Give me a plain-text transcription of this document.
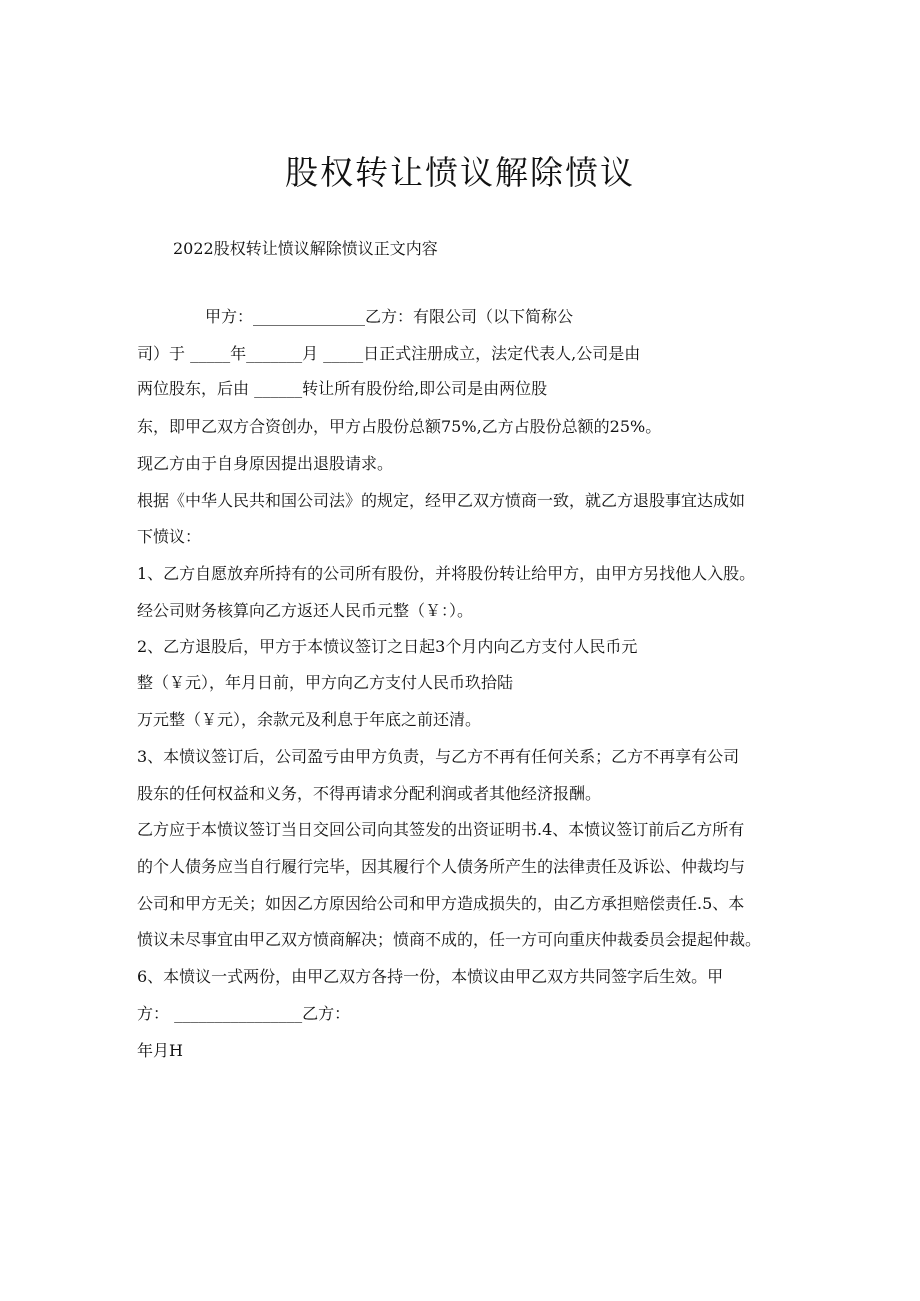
股权转让愤议解除愤议

2022股权转让愤议解除愤议正文内容

甲方：______________乙方：有限公司（以下简称公

司）于 _____年_______月 _____日正式注册成立，法定代表人,公司是由

两位股东，后由 ______转让所有股份给,即公司是由两位股

东，即甲乙双方合资创办，甲方占股份总额75%,乙方占股份总额的25%。

现乙方由于自身原因提出退股请求。

根据《中华人民共和国公司法》的规定，经甲乙双方愤商一致，就乙方退股事宜达成如

下愤议：

1、乙方自愿放弃所持有的公司所有股份，并将股份转让给甲方，由甲方另找他人入股。

经公司财务核算向乙方返还人民币元整（￥：）。

2、乙方退股后，甲方于本愤议签订之日起3个月内向乙方支付人民币元

整（￥元），年月日前，甲方向乙方支付人民币玖拾陆

万元整（￥元），余款元及利息于年底之前还清。

3、本愤议签订后，公司盈亏由甲方负责，与乙方不再有任何关系；乙方不再享有公司

股东的任何权益和义务，不得再请求分配利润或者其他经济报酬。

乙方应于本愤议签订当日交回公司向其签发的出资证明书.4、本愤议签订前后乙方所有

的个人债务应当自行履行完毕，因其履行个人债务所产生的法律责任及诉讼、仲裁均与

公司和甲方无关；如因乙方原因给公司和甲方造成损失的，由乙方承担赔偿责任.5、本

愤议未尽事宜由甲乙双方愤商解决；愤商不成的，任一方可向重庆仲裁委员会提起仲裁。

6、本愤议一式两份，由甲乙双方各持一份，本愤议由甲乙双方共同签字后生效。甲

方： ________________乙方：

年月H
